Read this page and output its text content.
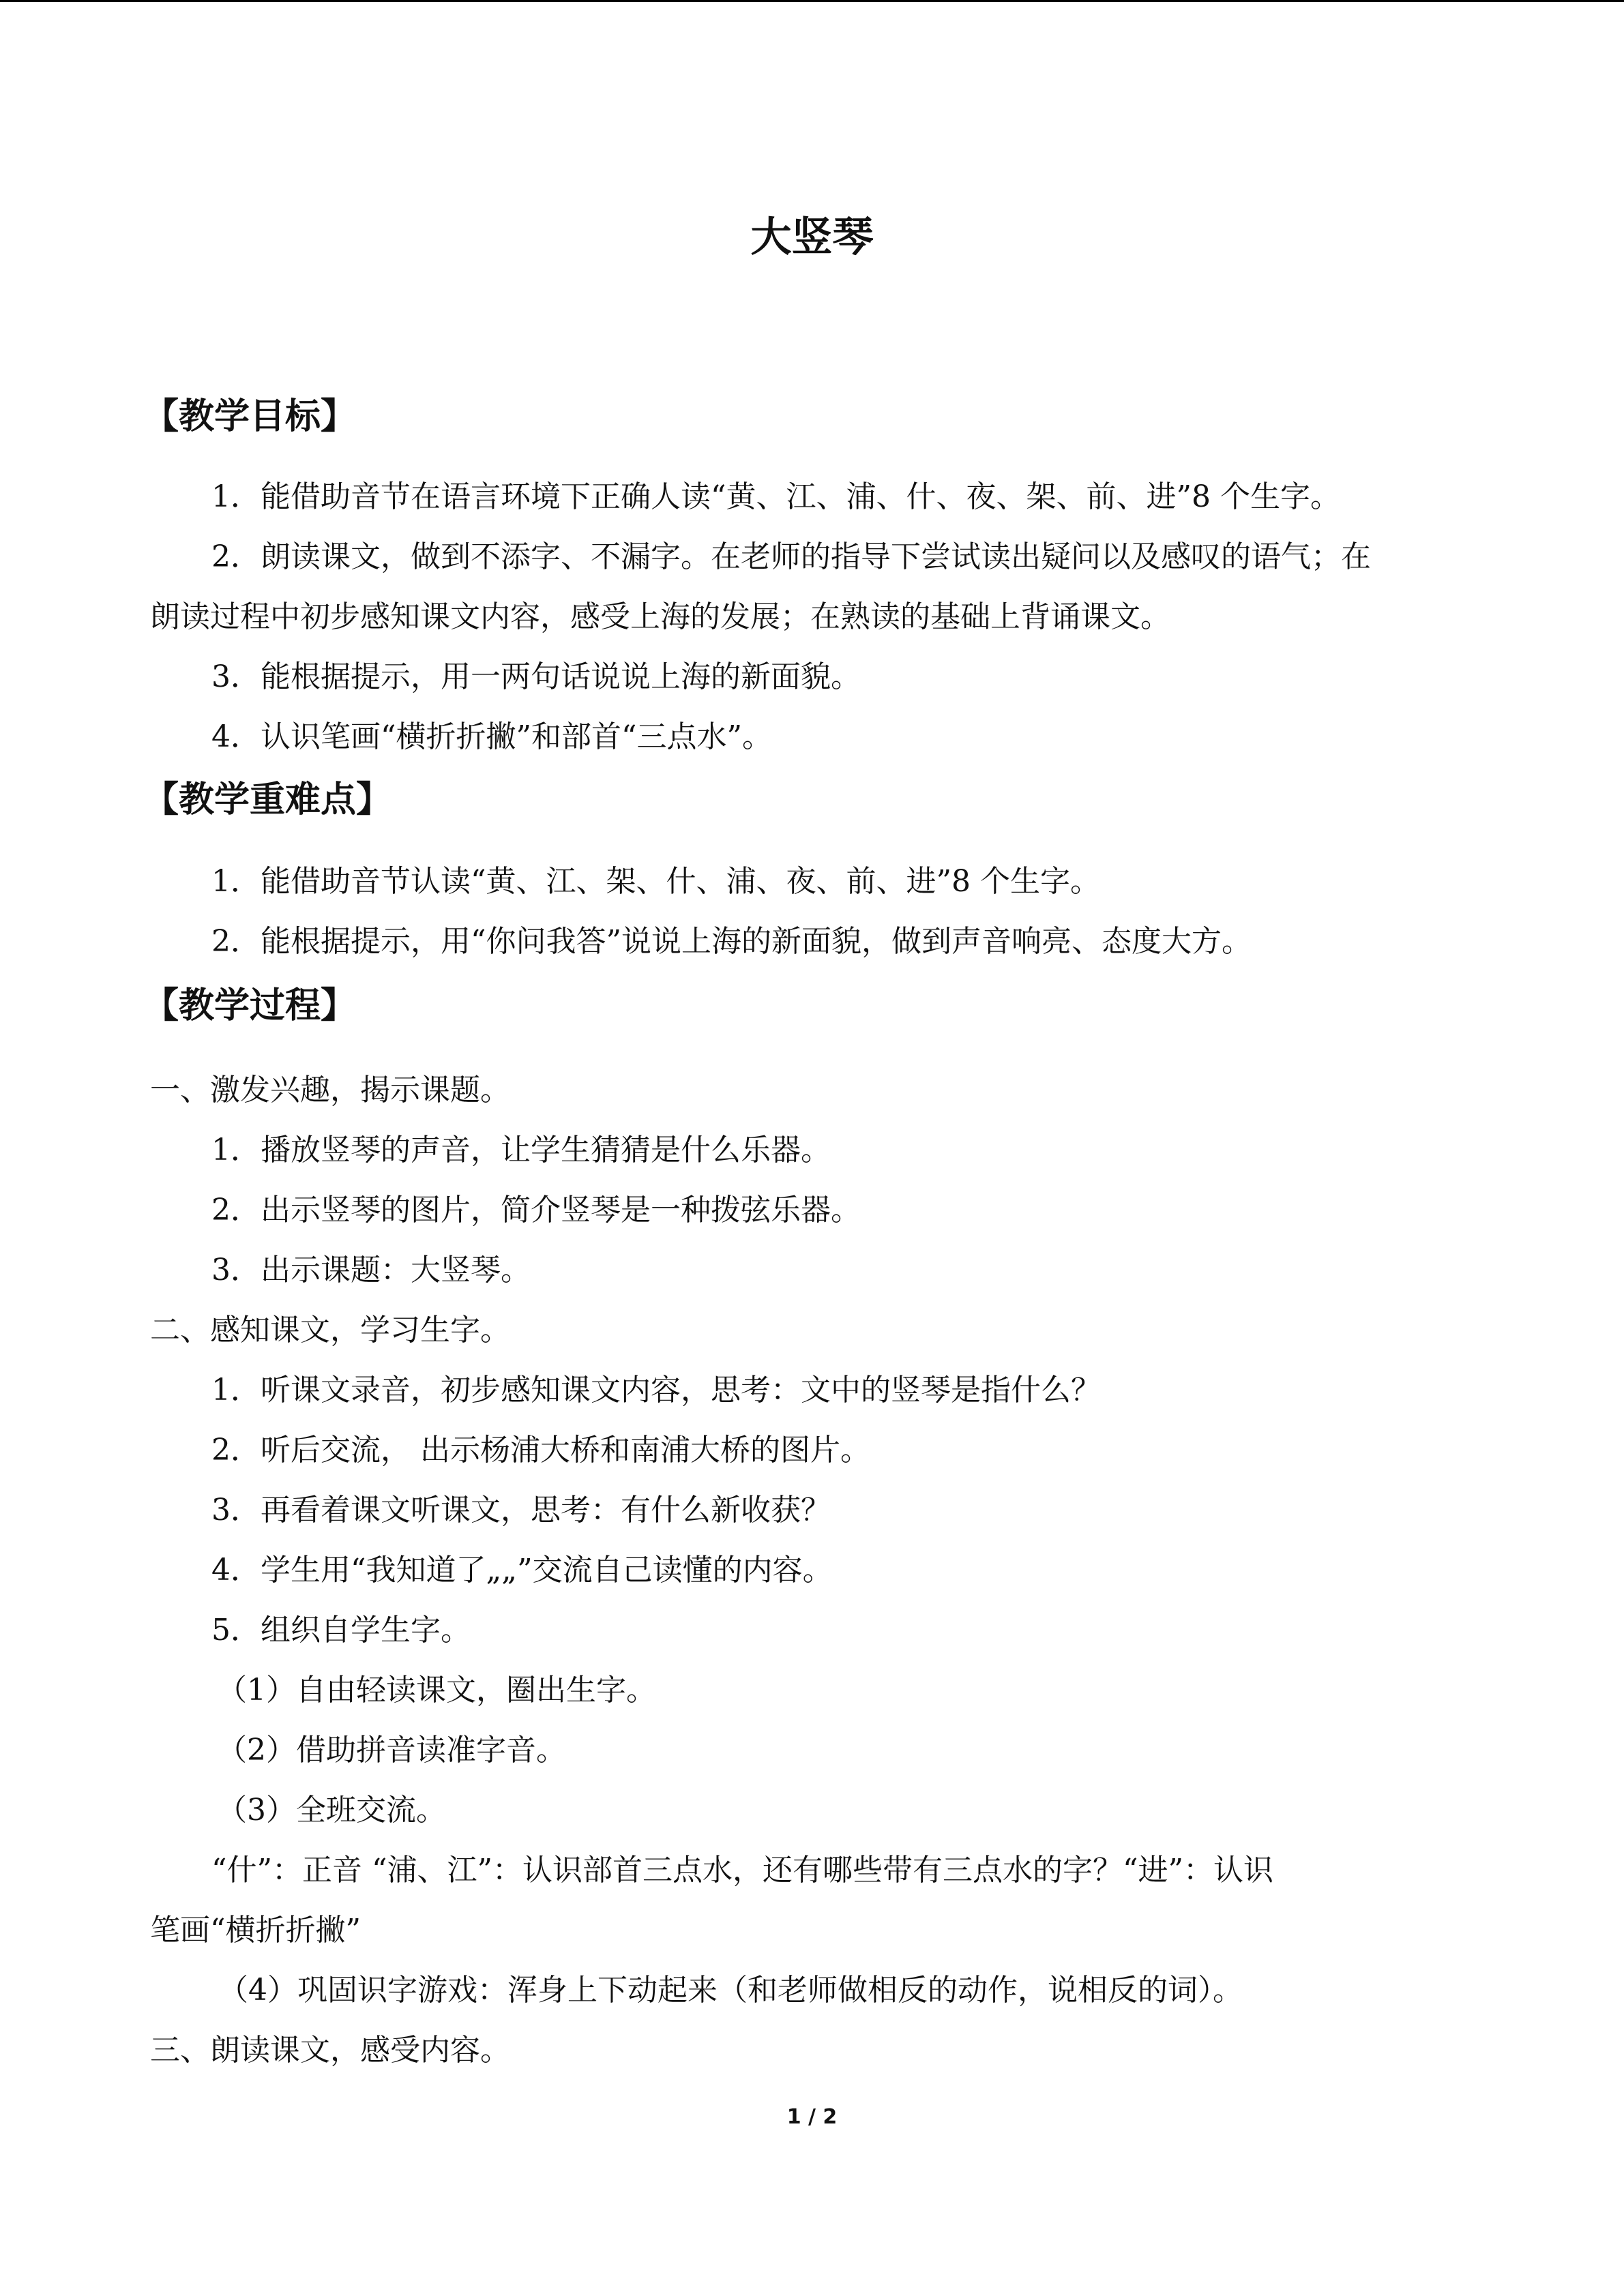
大竖琴
【教学目标】
1．能借助音节在语言环境下正确人读“黄、江、浦、什、夜、架、前、进”8 个生字。
2．朗读课文，做到不添字、不漏字。在老师的指导下尝试读出疑问以及感叹的语气；在
朗读过程中初步感知课文内容，感受上海的发展；在熟读的基础上背诵课文。
3．能根据提示，用一两句话说说上海的新面貌。
4．认识笔画“横折折撇”和部首“三点水”。
【教学重难点】
1．能借助音节认读“黄、江、架、什、浦、夜、前、进”8 个生字。
2．能根据提示，用“你问我答”说说上海的新面貌，做到声音响亮、态度大方。
【教学过程】
一、激发兴趣，揭示课题。
1．播放竖琴的声音，让学生猜猜是什么乐器。
2．出示竖琴的图片，简介竖琴是一种拨弦乐器。
3．出示课题：大竖琴。
二、感知课文，学习生字。
1．听课文录音，初步感知课文内容，思考：文中的竖琴是指什么？
2．听后交流， 出示杨浦大桥和南浦大桥的图片。
3．再看着课文听课文，思考：有什么新收获？
4．学生用“我知道了„„”交流自己读懂的内容。
5．组织自学生字。
（1）自由轻读课文，圈出生字。
（2）借助拼音读准字音。
（3）全班交流。
“什”：正音 “浦、江”：认识部首三点水，还有哪些带有三点水的字？“进”：认识
笔画“横折折撇”
（4）巩固识字游戏：浑身上下动起来（和老师做相反的动作，说相反的词）。
三、朗读课文，感受内容。
1 / 2
